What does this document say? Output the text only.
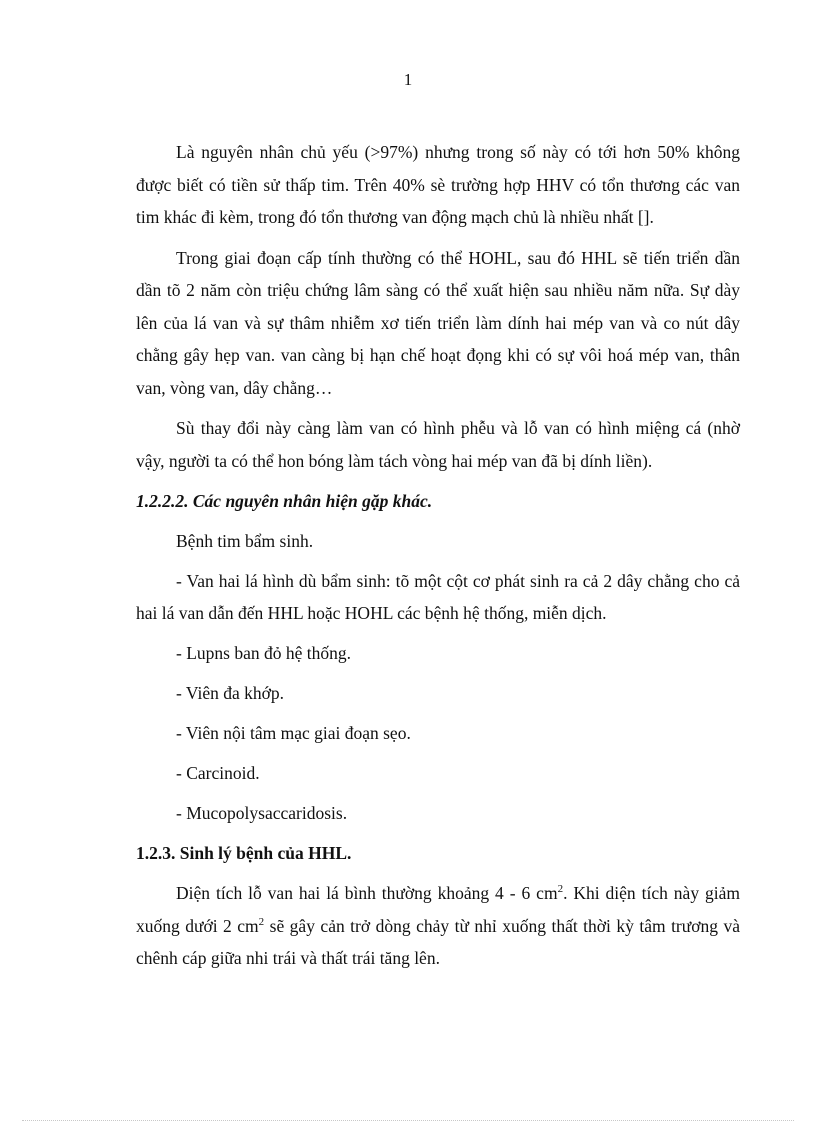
1

Là nguyên nhân chủ yếu (>97%) nhưng trong số này có tới hơn 50% không được biết có tiền sử thấp tim. Trên 40% sè trường hợp HHV có tổn thương các van tim khác đi kèm, trong đó tổn thương van động mạch chủ là nhiều nhất [].

Trong giai đoạn cấp tính thường có thể HOHL, sau đó HHL sẽ tiến triển dần dần tõ 2 năm còn triệu chứng lâm sàng có thể xuất hiện sau nhiều năm nữa. Sự dày lên của lá van và sự thâm nhiễm xơ tiến triển làm dính hai mép van và co nút dây chằng gây hẹp van. van càng bị hạn chế hoạt đọng khi có sự vôi hoá mép van, thân van, vòng van, dây chằng…

Sù thay đổi này càng làm van có hình phễu và lỗ van có hình miệng cá (nhờ vậy, người ta có thể hon bóng làm tách vòng hai mép van đã bị dính liền).

1.2.2.2. Các nguyên nhân hiện gặp khác.

Bệnh tim bẩm sinh.

- Van hai lá hình dù bẩm sinh: tõ một cột cơ phát sinh ra cả 2 dây chằng cho cả hai lá van dẫn đến HHL hoặc HOHL các bệnh hệ thống, miễn dịch.

- Lupns ban đỏ hệ thống.

- Viên đa khớp.

- Viên nội tâm mạc giai đoạn sẹo.

- Carcinoid.

- Mucopolysaccaridosis.

1.2.3. Sinh lý bệnh của HHL.

Diện tích lỗ van hai lá bình thường khoảng 4 - 6 $cm^2$. Khi diện tích này giảm xuống dưới 2 $cm^2$ sẽ gây cản trở dòng chảy từ nhỉ xuống thất thời kỳ tâm trương và chênh cáp giữa nhi trái và thất trái tăng lên.
